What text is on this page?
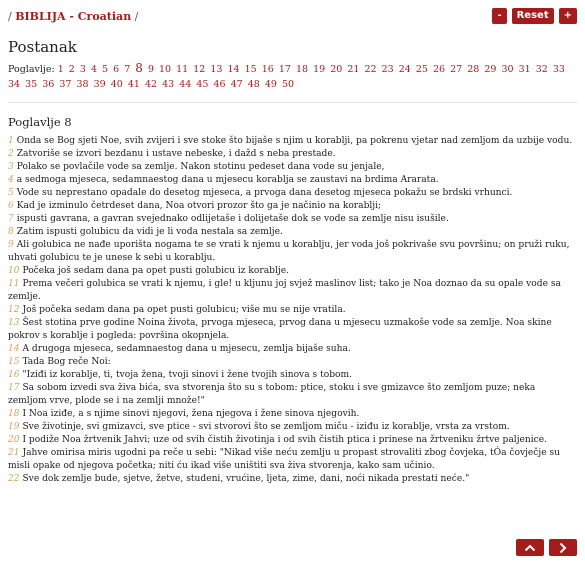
/ BIBLIJA - Croatian /	-	Reset	+
Postanak
Poglavlje: 1 2 3 4 5 6 7 8 9 10 11 12 13 14 15 16 17 18 19 20 21 22 23 24 25 26 27 28 29 30 31 32 33 34 35 36 37 38 39 40 41 42 43 44 45 46 47 48 49 50
Poglavlje 8
1 Onda se Bog sjeti Noe, svih zvijeri i sve stoke što bijaše s njim u korablji, pa pokrenu vjetar nad zemljom da uzbije vodu.
2 Zatvoriše se izvori bezdanu i ustave nebeske, i dažd s neba prestade.
3 Polako se povlačile vode sa zemlje. Nakon stotinu pedeset dana vode su jenjale,
4 a sedmoga mjeseca, sedamnaestog dana u mjesecu korablja se zaustavi na brdima Ararata.
5 Vode su neprestano opadale do desetog mjeseca, a prvoga dana desetog mjeseca pokažu se brdski vrhunci.
6 Kad je izminulo četrdeset dana, Noa otvori prozor što ga je načinio na korablji;
7 ispusti gavrana, a gavran svejednako odlijetaše i dolijetaše dok se vode sa zemlje nisu isušile.
8 Zatim ispusti golubicu da vidi je li voda nestala sa zemlje.
9 Ali golubica ne nađe uporišta nogama te se vrati k njemu u korablju, jer voda još pokrivaše svu površinu; on pruži ruku, uhvati golubicu te je unese k sebi u korablju.
10 Počeka još sedam dana pa opet pusti golubicu iz korablje.
11 Prema večeri golubica se vrati k njemu, i gle! u kljunu joj svjež maslinov list; tako je Noa doznao da su opale vode sa zemlje.
12 Još počeka sedam dana pa opet pusti golubicu; više mu se nije vratila.
13 Šest stotina prve godine Noina života, prvoga mjeseca, prvog dana u mjesecu uzmakoše vode sa zemlje. Noa skine pokrov s korablje i pogleda: površina okopnjela.
14 A drugoga mjeseca, sedamnaestog dana u mjesecu, zemlja bijaše suha.
15 Tada Bog reče Noi:
16 "Iziđi iz korablje, ti, tvoja žena, tvoji sinovi i žene tvojih sinova s tobom.
17 Sa sobom izvedi sva živa bića, sva stvorenja što su s tobom: ptice, stoku i sve gmizavce što zemljom puze; neka zemljom vrve, plode se i na zemlji množe!"
18 I Noa iziđe, a s njime sinovi njegovi, žena njegova i žene sinova njegovih.
19 Sve životinje, svi gmizavci, sve ptice - svi stvorovi što se zemljom miču - iziđu iz korablje, vrsta za vrstom.
20 I podiže Noa žrtvenik Jahvi; uze od svih čistih životinja i od svih čistih ptica i prinese na žrtveniku žrtve paljenice.
21 Jahve omirisa miris ugodni pa reče u sebi: "Nikad više neću zemlju u propast strovaliti zbog čovjeka, tÓa čovječje su misli opake od njegova početka; niti ću ikad više uništiti sva živa stvorenja, kako sam učinio.
22 Sve dok zemlje bude, sjetve, žetve, studeni, vrućine, ljeta, zime, dani, noći nikada prestati neće."
